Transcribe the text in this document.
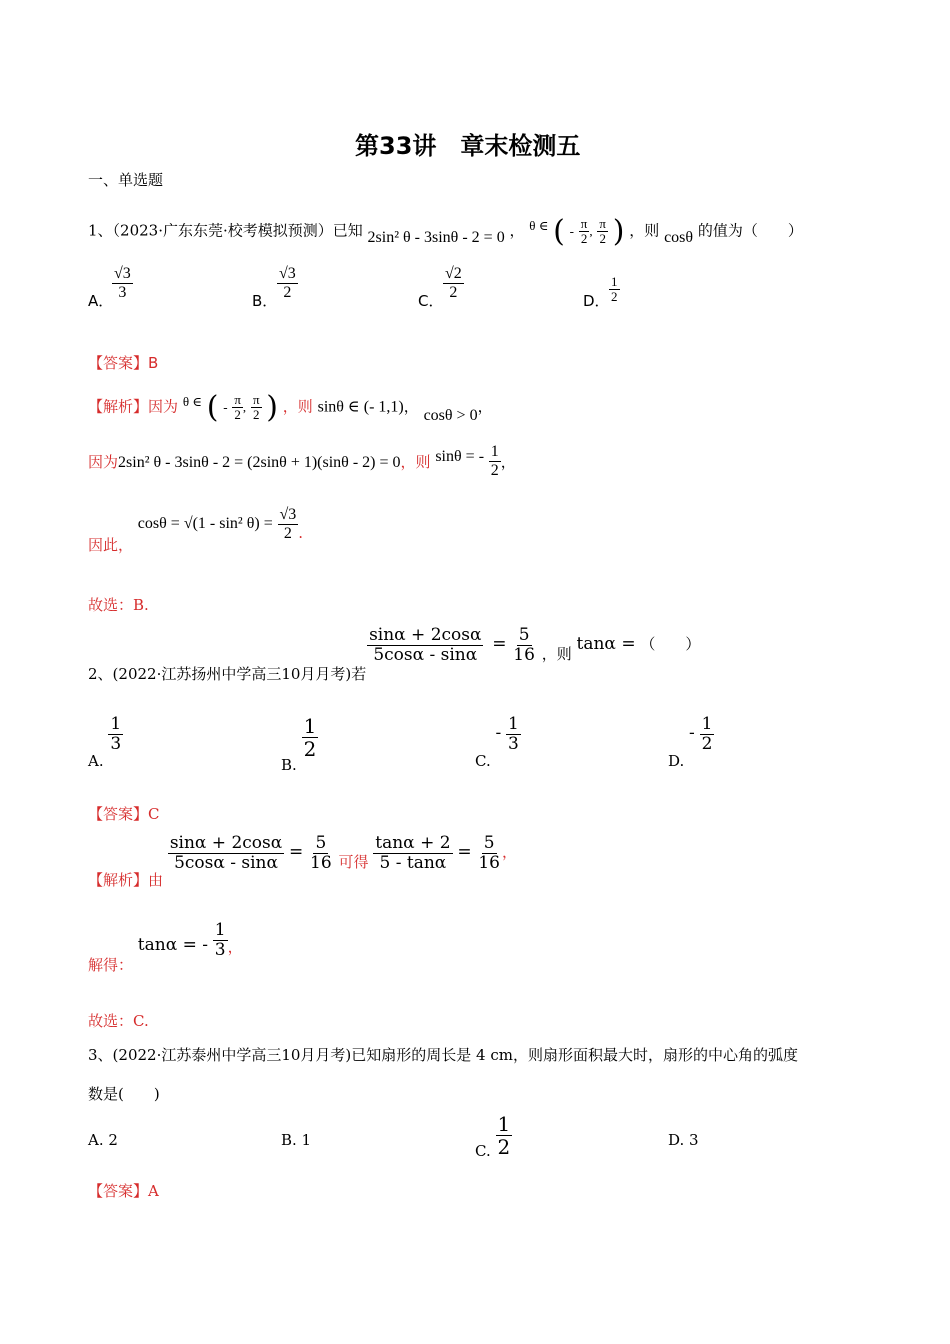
第33讲　章末检测五
一、单选题
1、（2023·广东东莞·校考模拟预测）已知 2sin² θ - 3sinθ - 2 = 0 ， θ ∈ ( - $\frac{\pi}{2}$ , $\frac{\pi}{2}$ ) ，则 cosθ 的值为（　　）
A．
$\frac{√3}{3}$	B． $\frac{√3}{2}$	C． $\frac{√2}{2}$	D． $\frac{1}{2}$
【答案】B
【解析】因为 θ ∈ ( - $\frac{\pi}{2}$ , $\frac{\pi}{2}$ ) ，则 sinθ ∈ (- 1,1)， cosθ > 0，
因为2sin² θ - 3sinθ - 2 = (2sinθ + 1)(sinθ - 2) = 0，则 sinθ = - $\frac{1}{2}$ ，
因此， cosθ = √(1 - sin² $\theta) = \frac{√3}{2}$ .
故选：B.
2、(2022·江苏扬州中学高三10月月考)若
$\frac{\sin\alpha + 2\cos\alpha}{5\cos\alpha - \sin\alpha} = \frac{5}{16}$ ，则 tanα = （　　）
A.
$\frac{1}{3}$
B.
$\frac{1}{2}$
C. - $\frac{1}{3}$
D. - $\frac{1}{2}$
【答案】C
【解析】由
$\frac{\sin\alpha + 2\cos\alpha}{5\cos\alpha - \sin\alpha} = \frac{5}{16}$ 可得 $\frac{\tan\alpha + 2}{5 - \tan\alpha} = \frac{5}{16}$ ，
解得： tanα = - $\frac{1}{3}$ ，
故选：C.
3、(2022·江苏泰州中学高三10月月考)已知扇形的周长是 4 cm，则扇形面积最大时，扇形的中心角的弧度
数是(　　)
A. 2	B. 1
C. $\frac{1}{2}$	D. 3
【答案】A
